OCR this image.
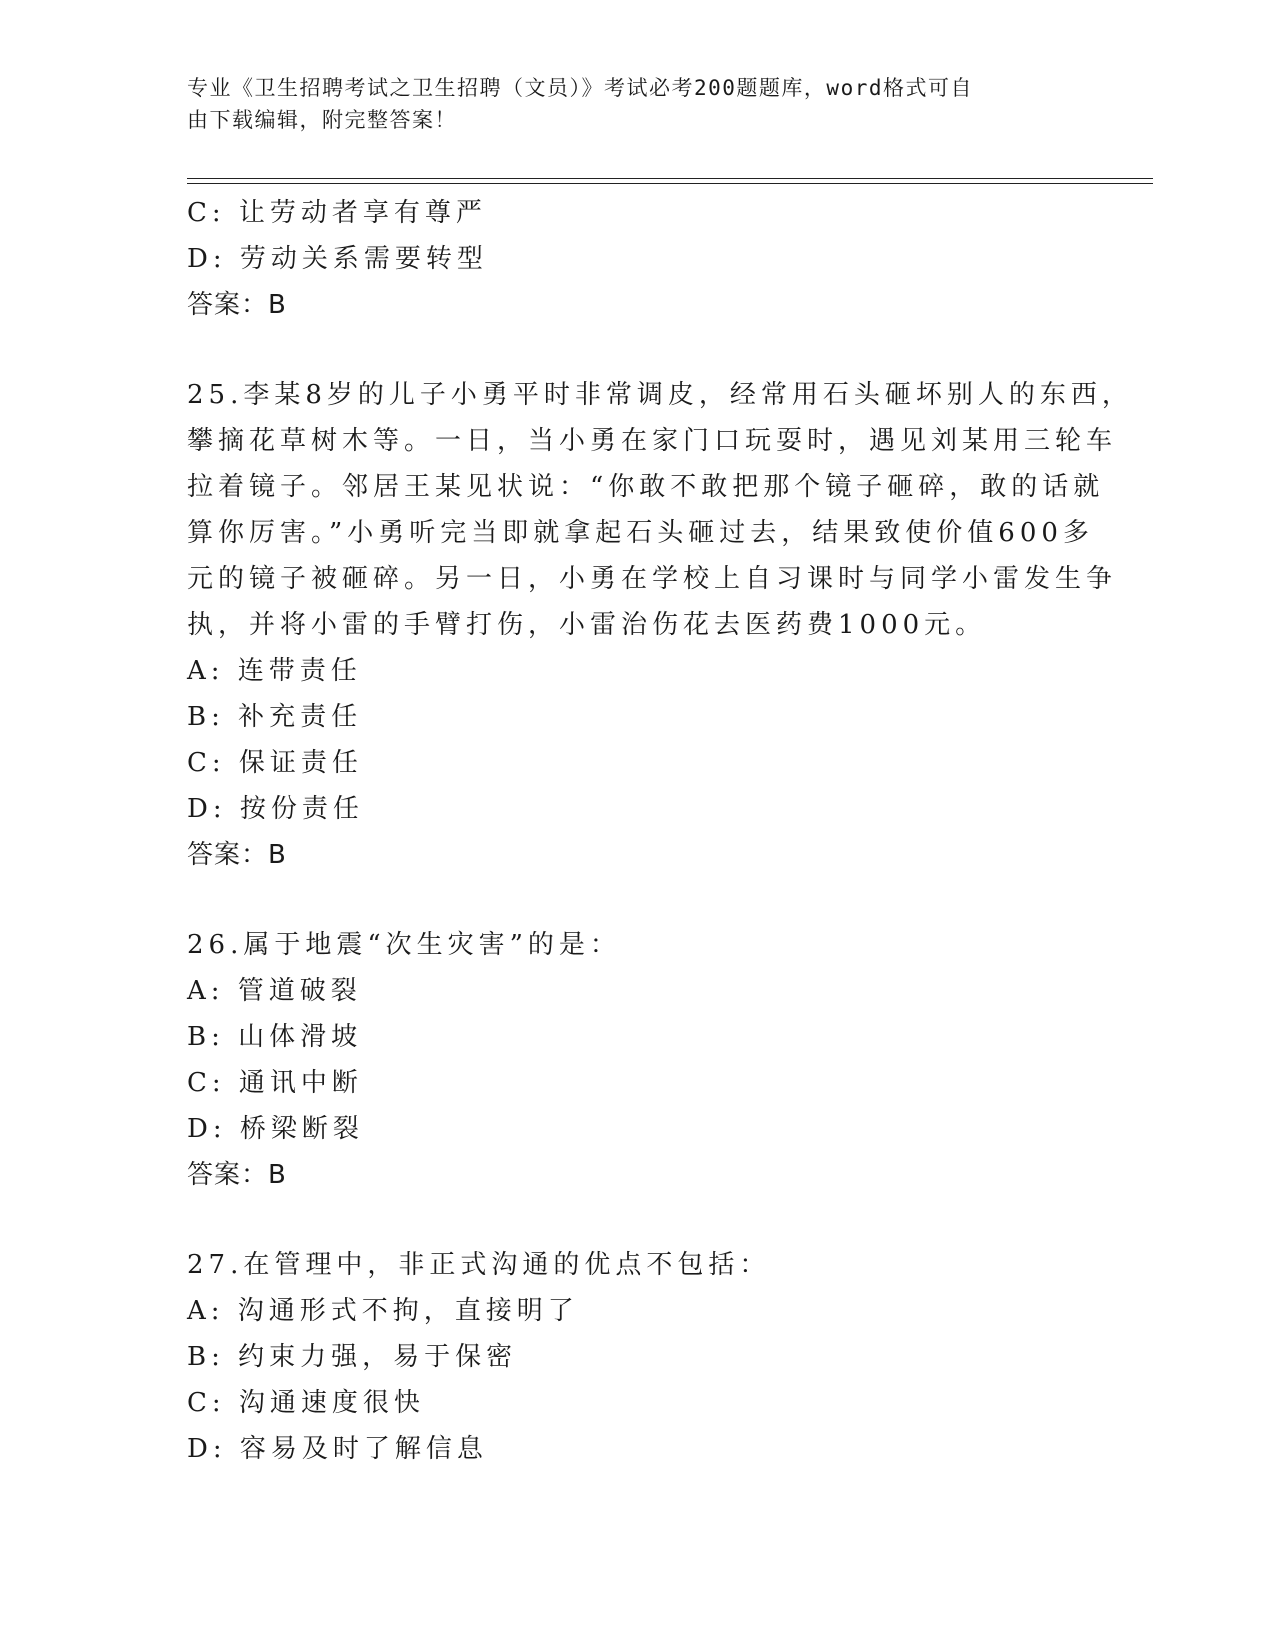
专业《卫生招聘考试之卫生招聘（文员）》考试必考200题题库，word格式可自
由下载编辑，附完整答案！
C: 让劳动者享有尊严
D: 劳动关系需要转型
答案：B
25.李某8岁的儿子小勇平时非常调皮，经常用石头砸坏别人的东西，
攀摘花草树木等。一日，当小勇在家门口玩耍时，遇见刘某用三轮车
拉着镜子。邻居王某见状说：“你敢不敢把那个镜子砸碎，敢的话就
算你厉害。”小勇听完当即就拿起石头砸过去，结果致使价值600多
元的镜子被砸碎。另一日，小勇在学校上自习课时与同学小雷发生争
执，并将小雷的手臂打伤，小雷治伤花去医药费1000元。
A: 连带责任
B: 补充责任
C: 保证责任
D: 按份责任
答案：B
26.属于地震“次生灾害”的是：
A: 管道破裂
B: 山体滑坡
C: 通讯中断
D: 桥梁断裂
答案：B
27.在管理中，非正式沟通的优点不包括：
A: 沟通形式不拘，直接明了
B: 约束力强，易于保密
C: 沟通速度很快
D: 容易及时了解信息
